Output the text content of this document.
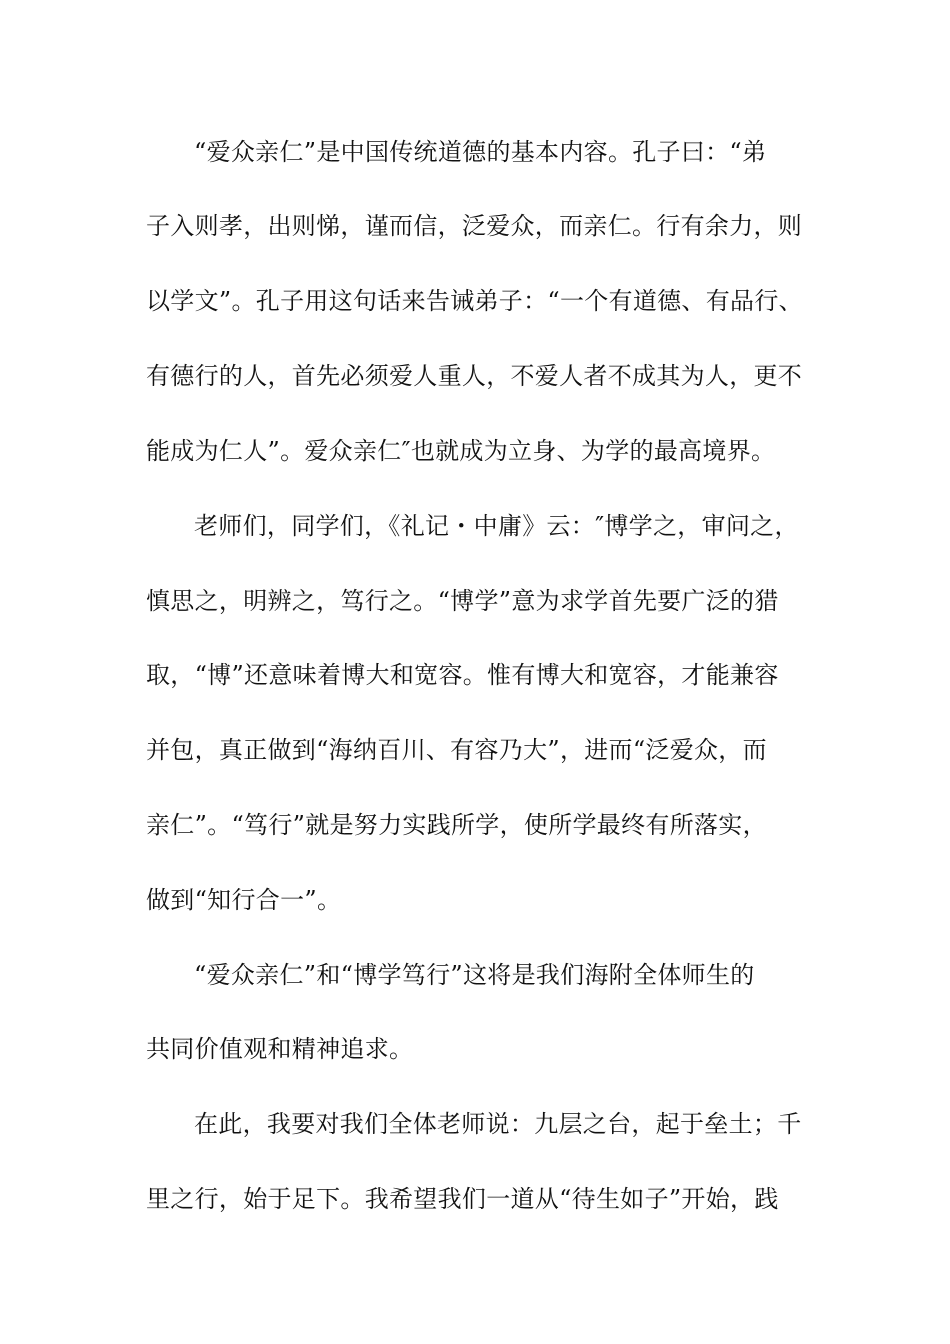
“爱众亲仁”是中国传统道德的基本内容。孔子曰：“弟
子入则孝，出则悌，谨而信，泛爱众，而亲仁。行有余力，则
以学文”。孔子用这句话来告诫弟子：“一个有道德、有品行、
有德行的人，首先必须爱人重人，不爱人者不成其为人，更不
能成为仁人”。爱众亲仁″也就成为立身、为学的最高境界。
老师们，同学们，《礼记・中庸》云：″博学之，审问之，
慎思之，明辨之，笃行之。“博学”意为求学首先要广泛的猎
取，“博”还意味着博大和宽容。惟有博大和宽容，才能兼容
并包，真正做到“海纳百川、有容乃大”，进而“泛爱众，而
亲仁”。“笃行”就是努力实践所学，使所学最终有所落实，
做到“知行合一”。
“爱众亲仁”和“博学笃行”这将是我们海附全体师生的
共同价值观和精神追求。
在此，我要对我们全体老师说：九层之台，起于垒土；千
里之行，始于足下。我希望我们一道从“待生如子”开始，践
